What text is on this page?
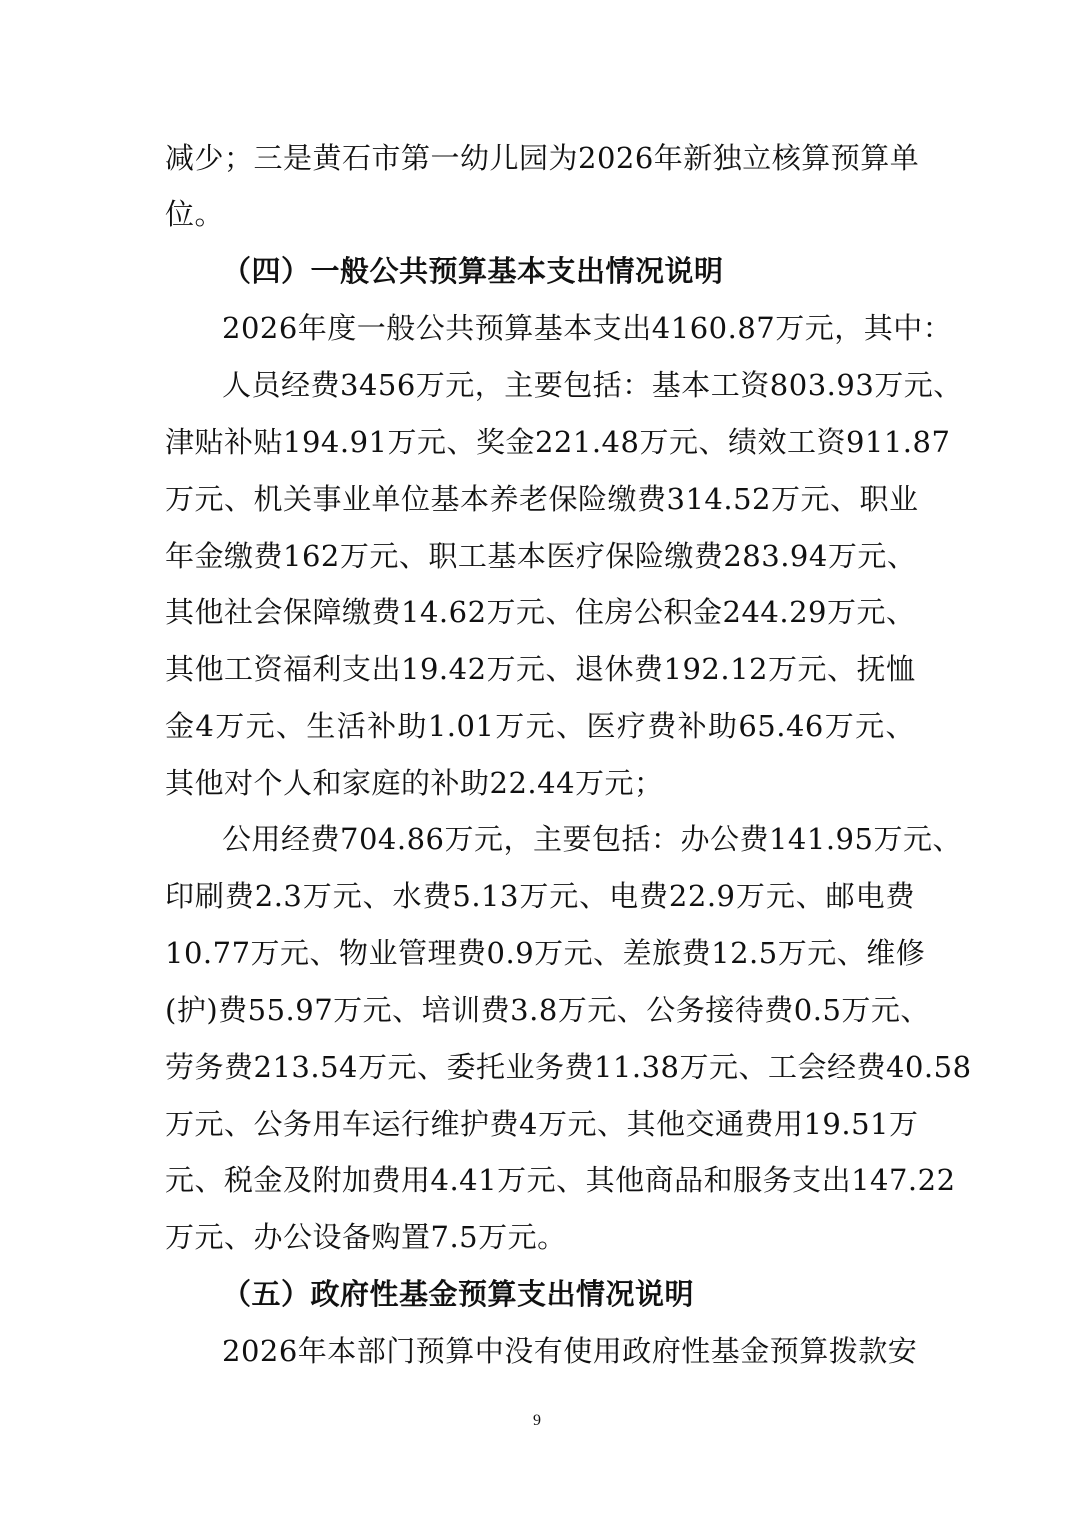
减少；三是黄石市第一幼儿园为2026年新独立核算预算单
位。
（四）一般公共预算基本支出情况说明
2026年度一般公共预算基本支出4160.87万元，其中：
人员经费3456万元，主要包括：基本工资803.93万元、
津贴补贴194.91万元、奖金221.48万元、绩效工资911.87
万元、机关事业单位基本养老保险缴费314.52万元、职业
年金缴费162万元、职工基本医疗保险缴费283.94万元、
其他社会保障缴费14.62万元、住房公积金244.29万元、
其他工资福利支出19.42万元、退休费192.12万元、抚恤
金4万元、生活补助1.01万元、医疗费补助65.46万元、
其他对个人和家庭的补助22.44万元；
公用经费704.86万元，主要包括：办公费141.95万元、
印刷费2.3万元、水费5.13万元、电费22.9万元、邮电费
10.77万元、物业管理费0.9万元、差旅费12.5万元、维修
(护)费55.97万元、培训费3.8万元、公务接待费0.5万元、
劳务费213.54万元、委托业务费11.38万元、工会经费40.58
万元、公务用车运行维护费4万元、其他交通费用19.51万
元、税金及附加费用4.41万元、其他商品和服务支出147.22
万元、办公设备购置7.5万元。
（五）政府性基金预算支出情况说明
2026年本部门预算中没有使用政府性基金预算拨款安
9
